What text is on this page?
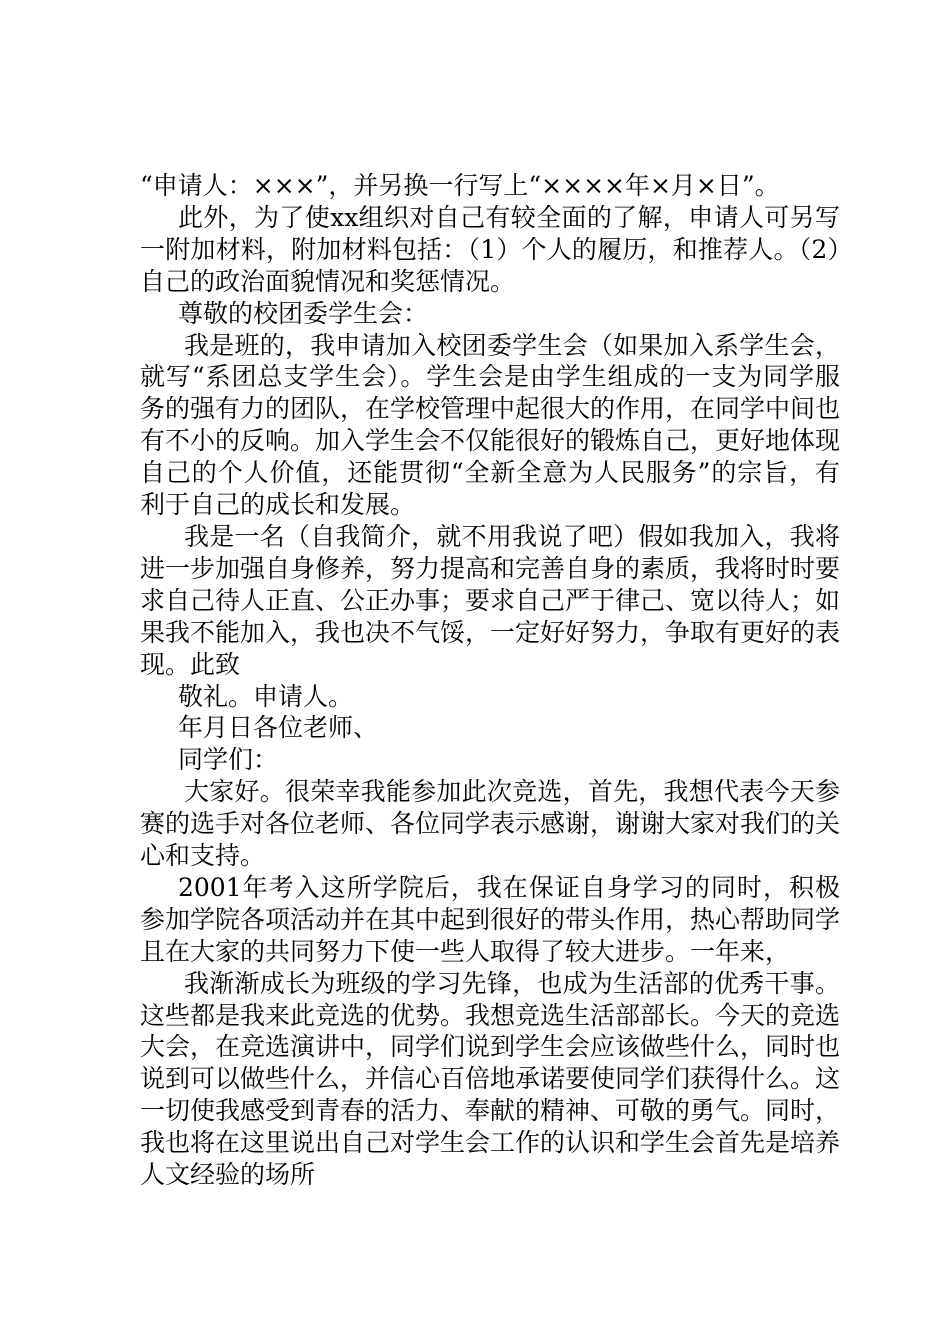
“申请人：×××”，并另换一行写上“××××年×月×日”。

此外，为了使xx组织对自己有较全面的了解，申请人可另写一附加材料，附加材料包括：（1）个人的履历，和推荐人。（2）自己的政治面貌情况和奖惩情况。

尊敬的校团委学生会：

我是班的，我申请加入校团委学生会（如果加入系学生会，就写“系团总支学生会）。学生会是由学生组成的一支为同学服务的强有力的团队，在学校管理中起很大的作用，在同学中间也有不小的反响。加入学生会不仅能很好的锻炼自己，更好地体现自己的个人价值，还能贯彻“全新全意为人民服务”的宗旨，有利于自己的成长和发展。

我是一名（自我简介，就不用我说了吧）假如我加入，我将进一步加强自身修养，努力提高和完善自身的素质，我将时时要求自己待人正直、公正办事；要求自己严于律己、宽以待人；如果我不能加入，我也决不气馁，一定好好努力，争取有更好的表现。此致

敬礼。申请人。

年月日各位老师、

同学们：

大家好。很荣幸我能参加此次竞选，首先，我想代表今天参赛的选手对各位老师、各位同学表示感谢，谢谢大家对我们的关心和支持。

2001年考入这所学院后，我在保证自身学习的同时，积极参加学院各项活动并在其中起到很好的带头作用，热心帮助同学且在大家的共同努力下使一些人取得了较大进步。一年来，

我渐渐成长为班级的学习先锋，也成为生活部的优秀干事。这些都是我来此竞选的优势。我想竞选生活部部长。今天的竞选大会，在竞选演讲中，同学们说到学生会应该做些什么，同时也说到可以做些什么，并信心百倍地承诺要使同学们获得什么。这一切使我感受到青春的活力、奉献的精神、可敬的勇气。同时，我也将在这里说出自己对学生会工作的认识和学生会首先是培养人文经验的场所
